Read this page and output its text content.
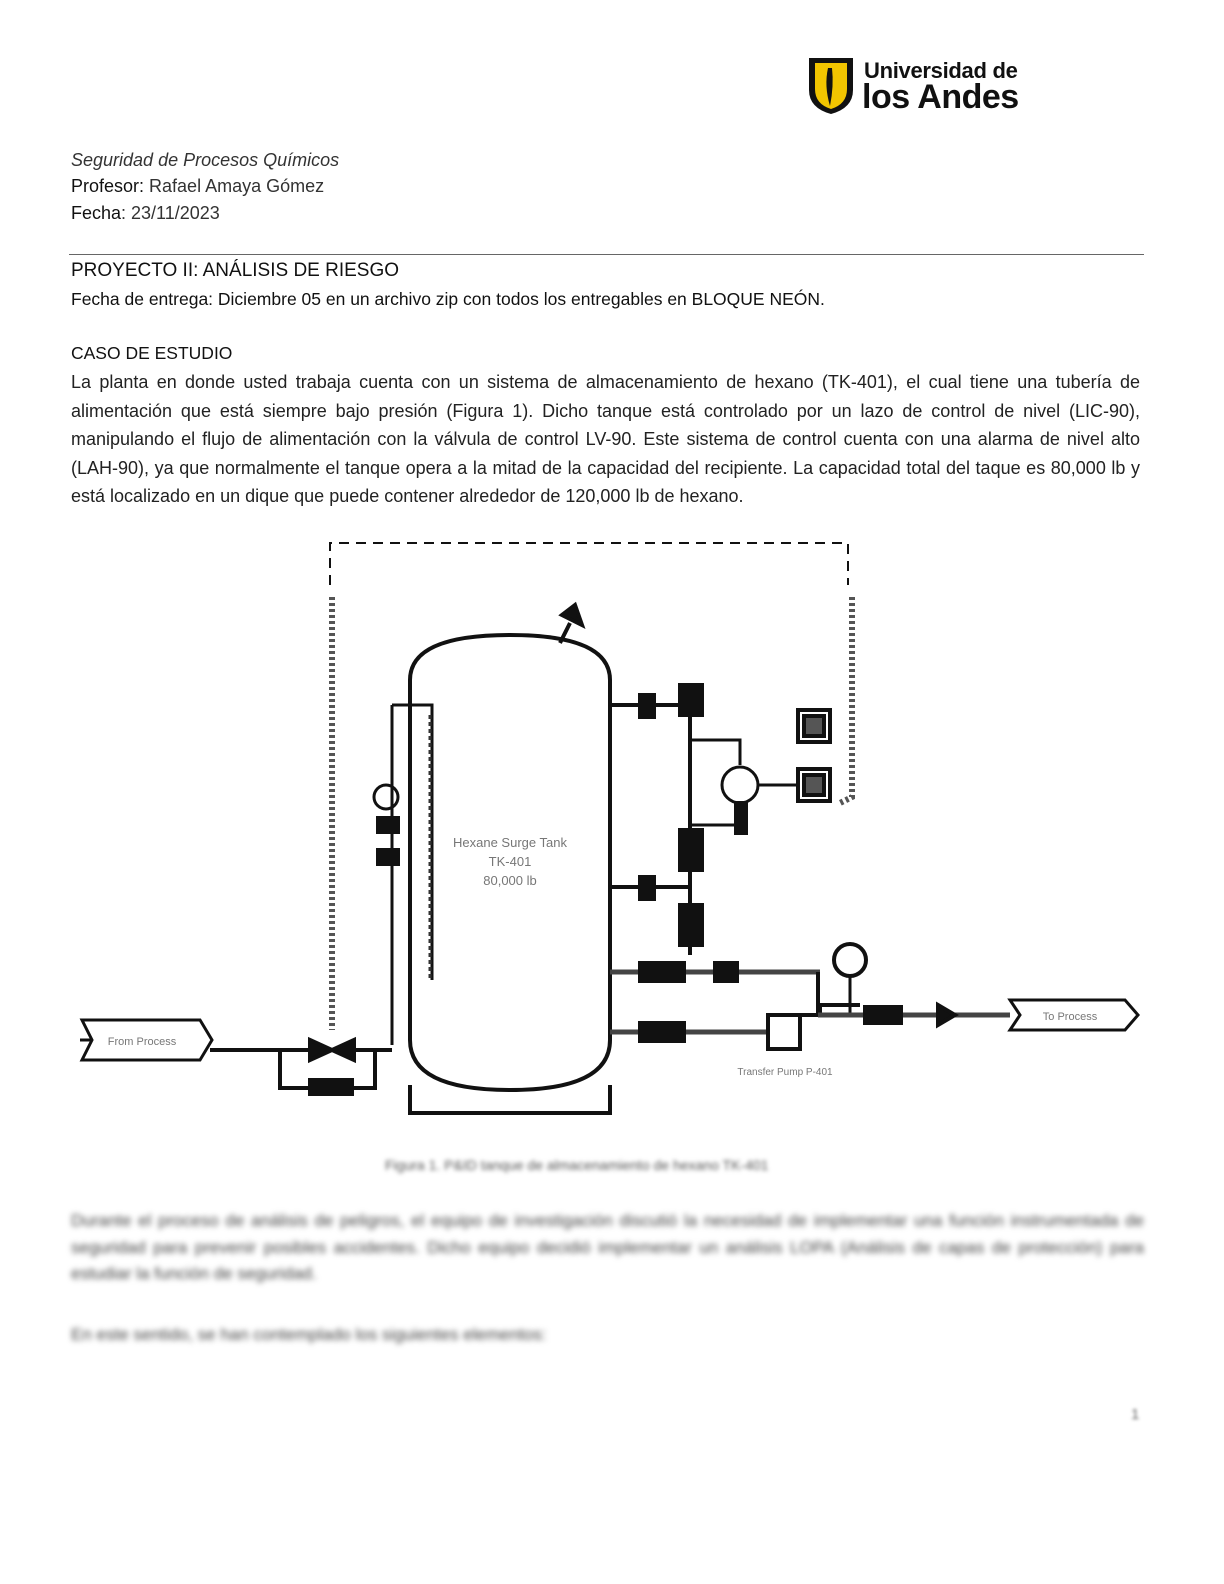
Universidad de
los Andes
Seguridad de Procesos Químicos
Profesor: Rafael Amaya Gómez
Fecha: 23/11/2023
PROYECTO II: ANÁLISIS DE RIESGO
Fecha de entrega: Diciembre 05 en un archivo zip con todos los entregables en BLOQUE NEÓN.
CASO DE ESTUDIO

La planta en donde usted trabaja cuenta con un sistema de almacenamiento de hexano (TK-401), el cual tiene una tubería de alimentación que está siempre bajo presión (Figura 1). Dicho tanque está controlado por un lazo de control de nivel (LIC-90), manipulando el flujo de alimentación con la válvula de control LV-90. Este sistema de control cuenta con una alarma de nivel alto (LAH-90), ya que normalmente el tanque opera a la mitad de la capacidad del recipiente. La capacidad total del taque es 80,000 lb y está localizado en un dique que puede contener alrededor de 120,000 lb de hexano.

Hexane Surge Tank
TK-401
80,000 lb
From Process
To Process
Transfer Pump P-401
Figura 1. P&ID tanque de almacenamiento de hexano TK-401

Durante el proceso de análisis de peligros, el equipo de investigación discutió la necesidad de implementar una función instrumentada de seguridad para prevenir posibles accidentes. Dicho equipo decidió implementar un análisis LOPA (Análisis de capas de protección) para estudiar la función de seguridad.

En este sentido, se han contemplado los siguientes elementos:

1
